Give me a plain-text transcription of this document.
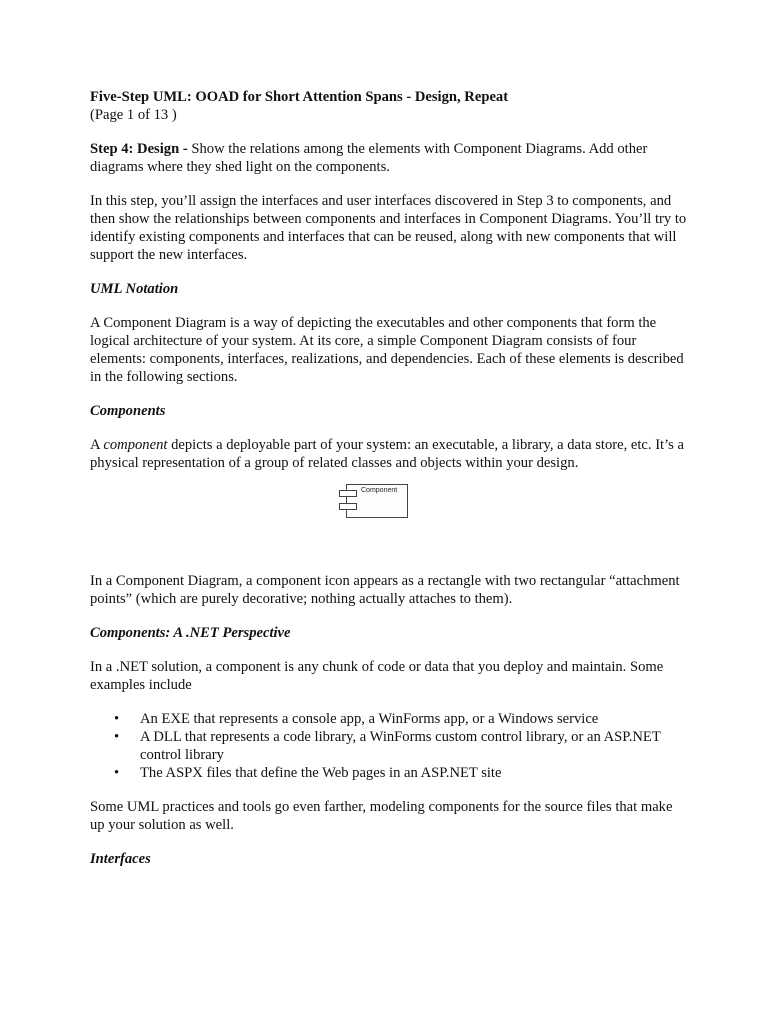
Five-Step UML: OOAD for Short Attention Spans - Design, Repeat

(Page 1 of 13 )

Step 4: Design - Show the relations among the elements with Component Diagrams. Add other diagrams where they shed light on the components.

In this step, you’ll assign the interfaces and user interfaces discovered in Step 3 to components, and then show the relationships between components and interfaces in Component Diagrams. You’ll try to identify existing components and interfaces that can be reused, along with new components that will support the new interfaces.

UML Notation

A Component Diagram is a way of depicting the executables and other components that form the logical architecture of your system. At its core, a simple Component Diagram consists of four elements: components, interfaces, realizations, and dependencies. Each of these elements is described in the following sections.

Components

A component depicts a deployable part of your system: an executable, a library, a data store, etc. It’s a physical representation of a group of related classes and objects within your design.

Component

In a Component Diagram, a component icon appears as a rectangle with two rectangular “attachment points” (which are purely decorative; nothing actually attaches to them).

Components: A .NET Perspective

In a .NET solution, a component is any chunk of code or data that you deploy and maintain. Some examples include

• An EXE that represents a console app, a WinForms app, or a Windows service
• A DLL that represents a code library, a WinForms custom control library, or an ASP.NET control library
• The ASPX files that define the Web pages in an ASP.NET site

Some UML practices and tools go even farther, modeling components for the source files that make up your solution as well.

Interfaces
